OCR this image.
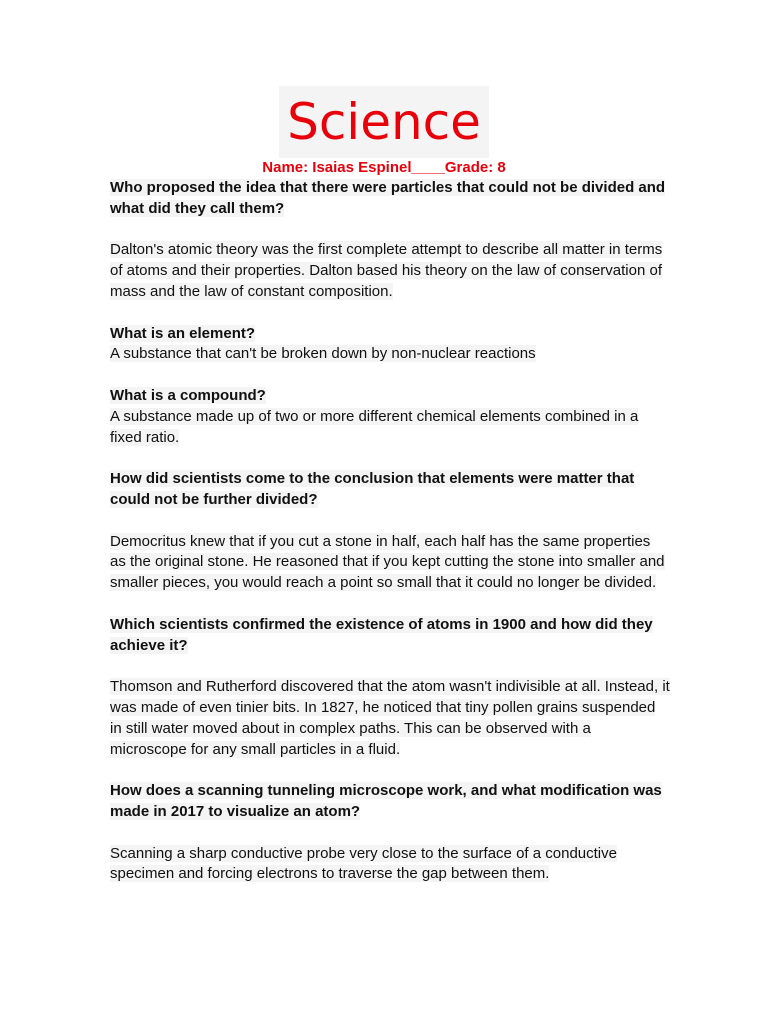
Science
Name: Isaias Espinel____Grade: 8

Who proposed the idea that there were particles that could not be divided and what did they call them?

Dalton's atomic theory was the first complete attempt to describe all matter in terms of atoms and their properties. Dalton based his theory on the law of conservation of mass and the law of constant composition.

What is an element?

A substance that can't be broken down by non-nuclear reactions

What is a compound?

A substance made up of two or more different chemical elements combined in a fixed ratio.

How did scientists come to the conclusion that elements were matter that could not be further divided?

Democritus knew that if you cut a stone in half, each half has the same properties as the original stone. He reasoned that if you kept cutting the stone into smaller and smaller pieces, you would reach a point so small that it could no longer be divided.

Which scientists confirmed the existence of atoms in 1900 and how did they achieve it?

Thomson and Rutherford discovered that the atom wasn't indivisible at all. Instead, it was made of even tinier bits. In 1827, he noticed that tiny pollen grains suspended in still water moved about in complex paths. This can be observed with a microscope for any small particles in a fluid.

How does a scanning tunneling microscope work, and what modification was made in 2017 to visualize an atom?

Scanning a sharp conductive probe very close to the surface of a conductive specimen and forcing electrons to traverse the gap between them.
